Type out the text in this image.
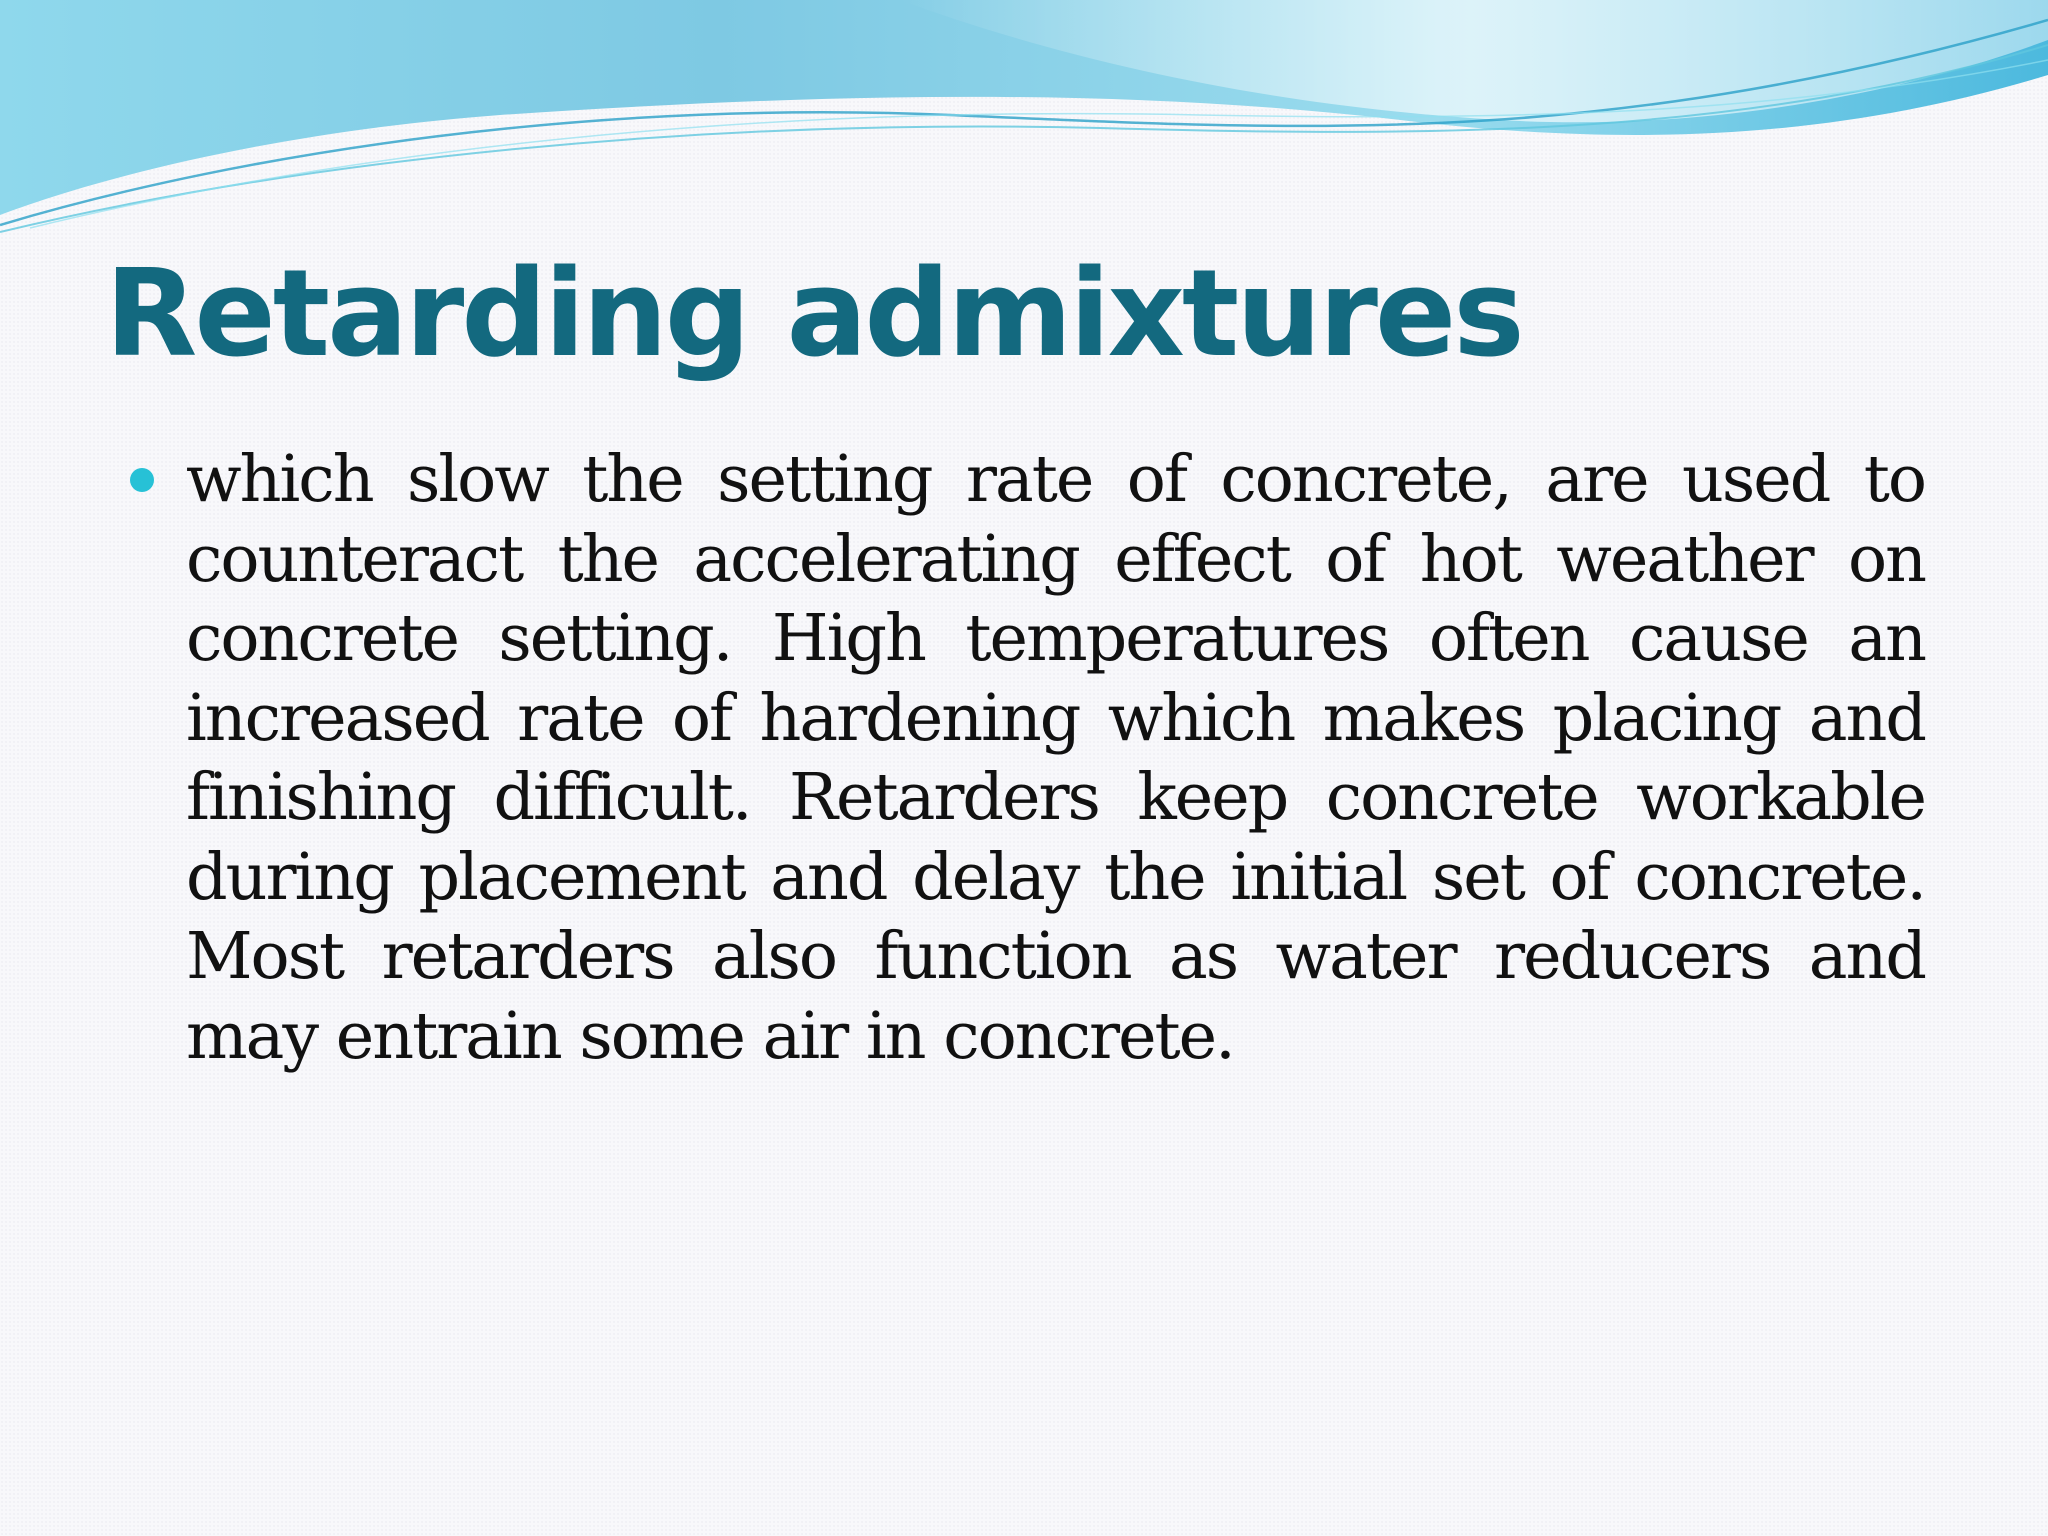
Retarding admixtures

which slow the setting rate of concrete, are used to counteract the accelerating effect of hot weather on concrete setting. High temperatures often cause an increased rate of hardening which makes placing and finishing difficult. Retarders keep concrete workable during placement and delay the initial set of concrete. Most retarders also function as water reducers and may entrain some air in concrete.
